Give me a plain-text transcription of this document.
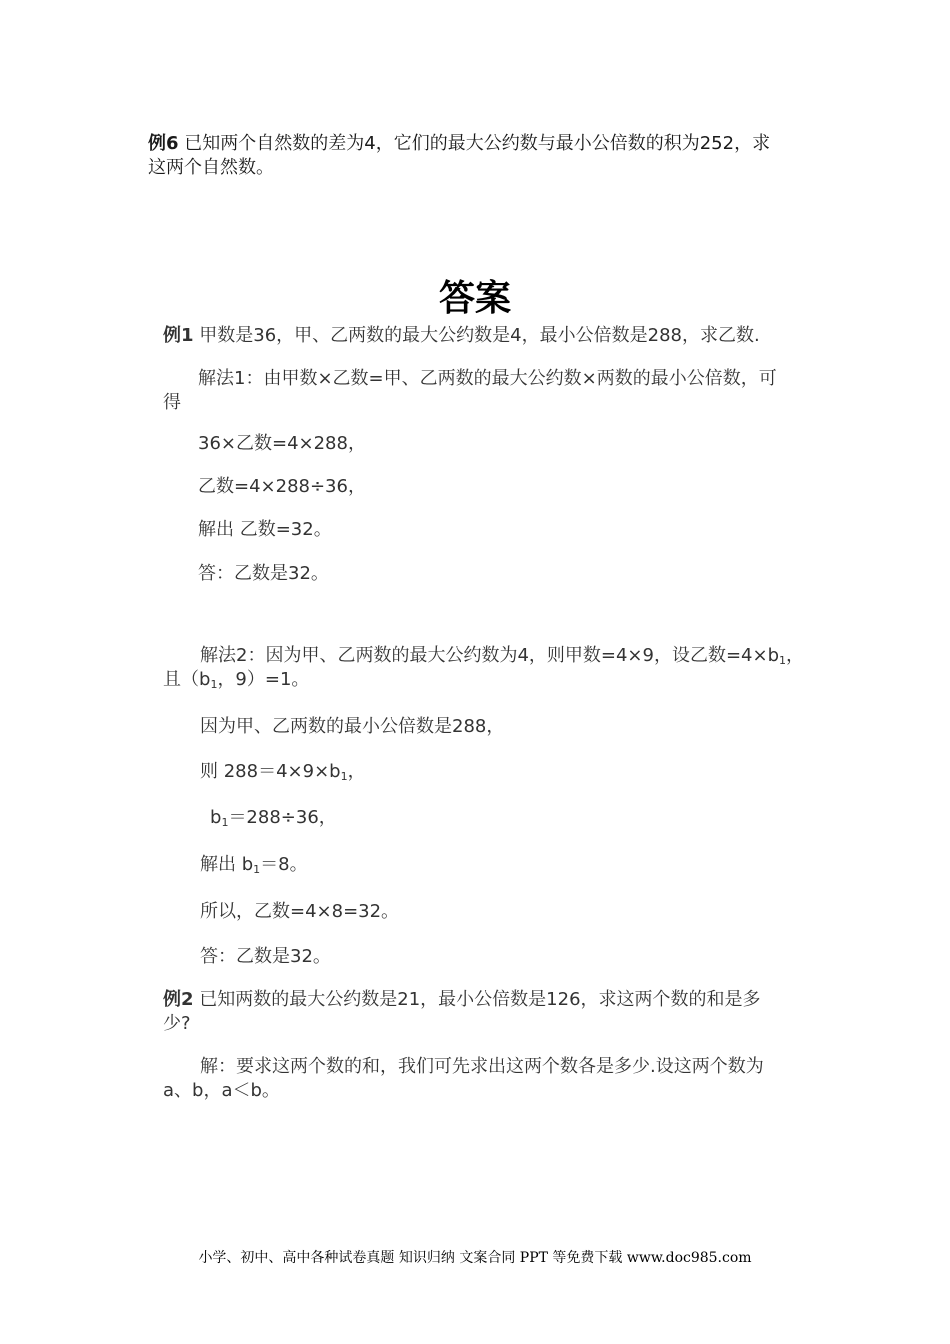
例6 已知两个自然数的差为4，它们的最大公约数与最小公倍数的积为252，求
这两个自然数。
答案
例1 甲数是36，甲、乙两数的最大公约数是4，最小公倍数是288，求乙数.
解法1：由甲数×乙数=甲、乙两数的最大公约数×两数的最小公倍数，可
得
36×乙数=4×288，
乙数=4×288÷36，
解出 乙数=32。
答：乙数是32。
解法2：因为甲、乙两数的最大公约数为4，则甲数=4×9，设乙数$=4\times b_1$，
且（$b_1$，9）=1。
因为甲、乙两数的最小公倍数是288，
则 $288=4\times 9\times b_1$，
$b_1=288\div 36$，
解出 $b_1=8$。
所以，乙数=4×8=32。
答：乙数是32。
例2 已知两数的最大公约数是21，最小公倍数是126，求这两个数的和是多
少?
解：要求这两个数的和，我们可先求出这两个数各是多少.设这两个数为
a、b，a＜b。
小学、初中、高中各种试卷真题 知识归纳 文案合同 PPT 等免费下载 www.doc985.com
